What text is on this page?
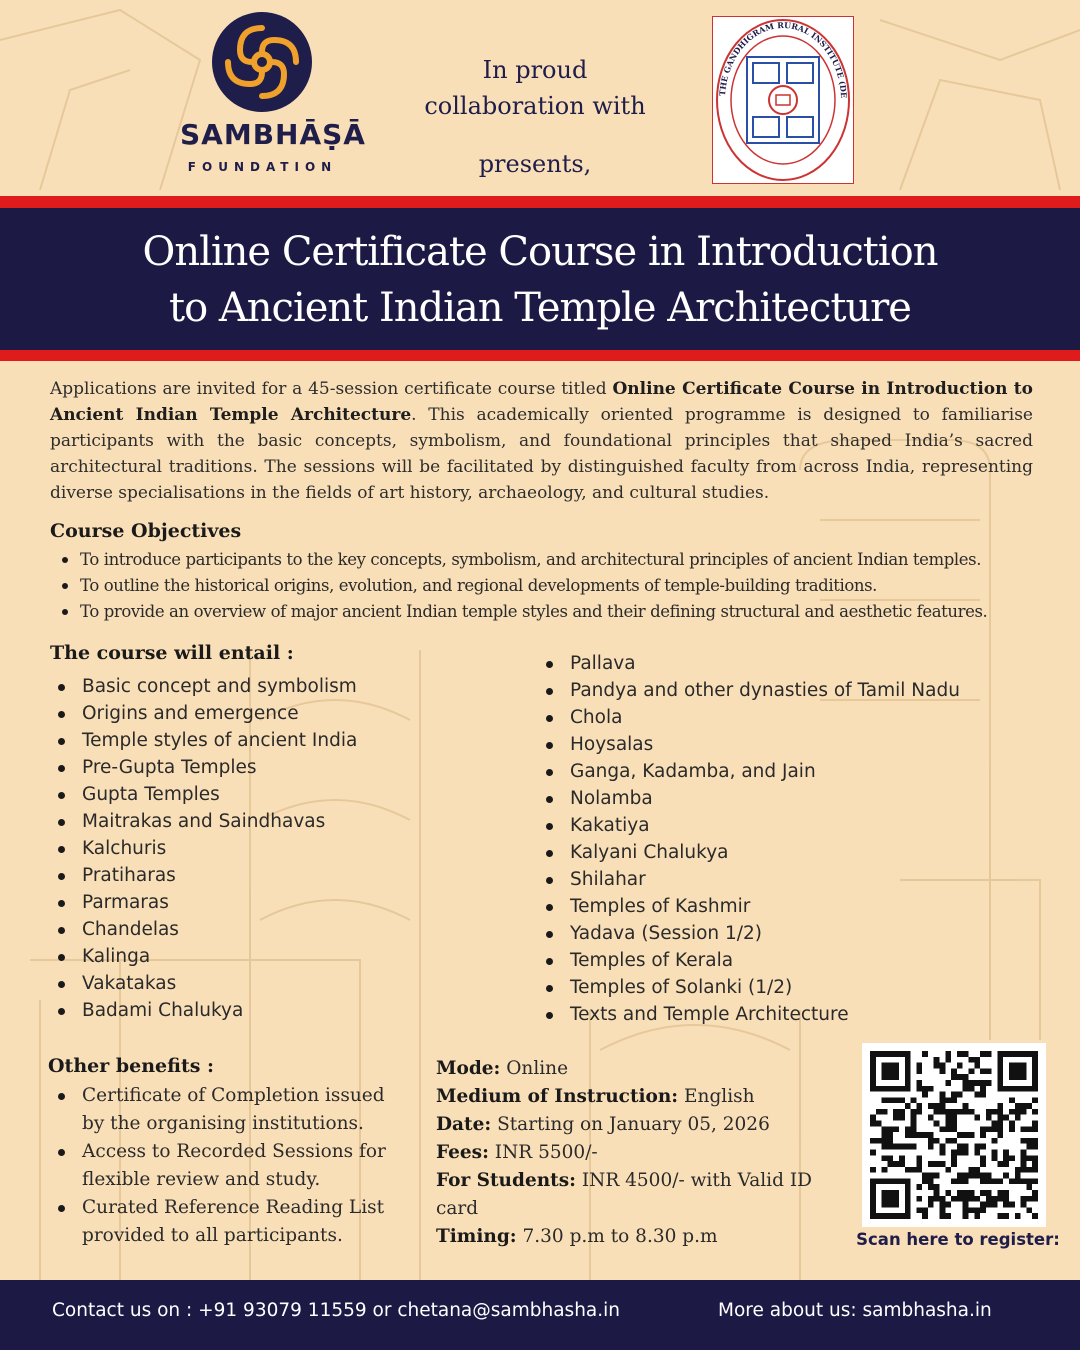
SAMBHĀṢĀ
FOUNDATION
In proud
collaboration with
presents,
THE GANDHIGRAM RURAL INSTITUTE (DE
Online Certificate Course in Introduction
to Ancient Indian Temple Architecture

Applications are invited for a 45-session certificate course titled Online Certificate Course in Introduction to Ancient Indian Temple Architecture. This academically oriented programme is designed to familiarise participants with the basic concepts, symbolism, and foundational principles that shaped India’s sacred architectural traditions. The sessions will be facilitated by distinguished faculty from across India, representing diverse specialisations in the fields of art history, archaeology, and cultural studies.

Course Objectives
To introduce participants to the key concepts, symbolism, and architectural principles of ancient Indian temples.
To outline the historical origins, evolution, and regional developments of temple-building traditions.
To provide an overview of major ancient Indian temple styles and their defining structural and aesthetic features.
The course will entail :
Basic concept and symbolism
Origins and emergence
Temple styles of ancient India
Pre-Gupta Temples
Gupta Temples
Maitrakas and Saindhavas
Kalchuris
Pratiharas
Parmaras
Chandelas
Kalinga
Vakatakas
Badami Chalukya
Pallava
Pandya and other dynasties of Tamil Nadu
Chola
Hoysalas
Ganga, Kadamba, and Jain
Nolamba
Kakatiya
Kalyani Chalukya
Shilahar
Temples of Kashmir
Yadava (Session 1/2)
Temples of Kerala
Temples of Solanki (1/2)
Texts and Temple Architecture
Other benefits :
Certificate of Completion issued by the organising institutions.
Access to Recorded Sessions for flexible review and study.
Curated Reference Reading List provided to all participants.
Mode: Online
Medium of Instruction: English
Date: Starting on January 05, 2026
Fees: INR 5500/-
For Students: INR 4500/- with Valid ID card
Timing: 7.30 p.m to 8.30 p.m	Scan here to register:
Contact us on : +91 93079 11559 or chetana@sambhasha.in	More about us: sambhasha.in
